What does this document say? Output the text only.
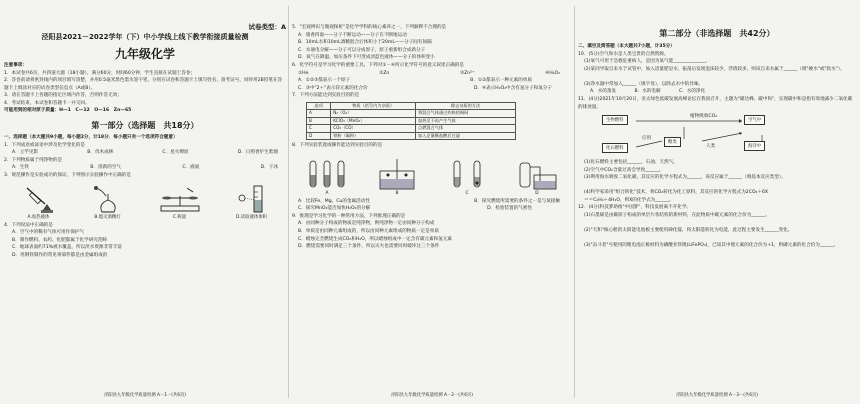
试卷类型：A
泾阳县2021－2022学年（下）中小学线上线下教学衔接质量检测
九年级化学
注意事项：
1．本试卷共6页，共四道大题（18小题），满分60分，时间60分钟，学生直接在试题上答卷；
2．答卷前请将密封线内的项目填写清楚，并用0.5毫米黑色墨水签字笔，分别在试卷和答题卡上填写姓名、准考证号，同时用2B铅笔在答题卡上填涂对应的试卷类型信息点（A或B）。
3．请在答题卡上各题的指定区域内作答，否则作答无效；
4．考试结束，本试卷和答题卡一并交回。
可能用到的相对原子质量：H—1　C—12　O—16　Zn—65
第一部分（选择题　共18分）
一、选择题（本大题共9小题，每小题2分，计18分．每小题只有一个选项符合题意）
1．下列成语或谚语中涉及化学变化的是
A．立竿见影	B．伐木成林	C．星火燎原	D．日照香炉生紫烟
2．下列物质属于纯净物的是
A．生铁	B．清新的空气	C．液氮	D．干冰
3．规范操作是实验成功的保证，下列图示实验操作中正确的是
A.加热液体	B.熄灭酒精灯	C.称量	D.读取液体体积
4．下列说法中正确的是
A．空气中的稀有气体可用作保护气
B．制作燃料、农药、化肥都属于化学研究范畴
C．地球表面约71%被水覆盖，所以淡水资源非常丰富
D．用钢铁制作的常见零部件都是由金属组成的
泾阳县九年级化学质量检测 A－1－(共6页)
5．"宏观辨识与微观探析"是化学学科的核心素养之一，下列解释不合理的是
A．墙香四溢——分子不断运动——分子在不断地运动
B．10mL水和10mL酒精混合后体积小于20mL——分子间有间隔
C．水通电分解——分子可以分成原子，原子重新组合成新分子
D．氧气在降温、加压条件下可变成淡蓝色液体——分子的体积变小
6．化学符号是学习化学的重要工具，下列对①－④所示化学符号的意义叙述正确的是
①He	②Zn	③Zn²⁺	④H₂O₂
A．①②③都表示一个原子	B．①②都表示一种元素的单质
C．③中"2＋"表示锌元素的化合价	D．④表示H₂O₂中含有氢分子和氧分子
7．下列方法能达到实验目的的是
选项	物质（括号内为杂质）	除去杂质的方法
A	N₂（O₂）	将混合气体通过灼热的铜网
B	KClO₃（MnO₂）	加热至不再产生气体
C	CO₂（CO）	点燃混合气体
D	铁粉（碳粉）	加入足量稀盐酸后过滤
8．下列实验装置或操作能达到实验目的的是
A	B	C	D
A．比较Fe、Mg、Cu的金属活动性	B．探究燃烧所需要的条件之一是与氧接触
C．探究MnO₂能否加快H₂O₂的分解	D．检验装置的气密性
9．推理是学习化学的一种常用方法，下列推理正确的是
A．由同种分子构成的物质是纯净物，则纯净物一定由同种分子构成
B．单质是由同种元素组成的，所以由同种元素组成的物质一定是单质
C．蜡烛完全燃烧生成CO₂和H₂O，所以蜡烛组成中一定含有碳元素和氢元素
D．燃烧需要同时满足三个条件，所以灭火也需要同时破坏这三个条件
泾阳县九年级化学质量检测 A－2－(共6页)
第二部分（非选择题　共42分）
二、填空及简答题（本大题共7小题，计35分）
10．(5分)空气和水是人类宝贵的自然资源。
(1)氧气可用于急救危重病人，是因为氧气能______________。
(2)某同学取自来水于试管中，加入适量肥皂水，振荡后发现泡沫较少，浮渣较多，则该自来水属于______（填"硬水"或"软水"）。
(3)净水器中常加入______（填字母），以除去水中的异味。
A．水的蒸发　　　　B．水的电解　　　　C．水的净化
11．(4分)2021年10月20日，亚太绿色低碳发展高峰论坛在我国召开，主题为"碳达峰、碳中和"，实现碳中和是指有效地减少二氧化碳的排放量。
生物燃料
化石燃料
植物吸收CO₂
应用
糖类
人类
空气中
海洋中
(1)化石燃料主要包括______、石油、天然气。
(2)空气中CO₂含量过高会导致______。
(3)利用海水吸收二氧化碳，其反应的化学方程式为______，该反应属于______（填基本反应类型）。
(4)科学家采用"组合转化"技术，将CO₂转化为化工原料，其反应的化学方程式为2CO₂＋6X
＝＝C₂H₄＋4H₂O，则X的化学式为______。
12．(4分)科技梦助推"中国梦"，科技发展离不开化学。
(1)石墨烯是由碳原子构成的单层片状结构的新材料，在此物质中碳元素的化合价为______。
(2)"天和"核心舱的太阳能电池板主要使用砷化镓，将太阳能转化为电能，此过程主要发生______变化。
(3)"奋斗者"号使用的锂电池正极材料为磷酸亚铁锂(LiFePO₄)，已知其中锂元素的化合价为+1，则磷元素的化合价为______。
泾阳县九年级化学质量检测 A－3－(共6页)
